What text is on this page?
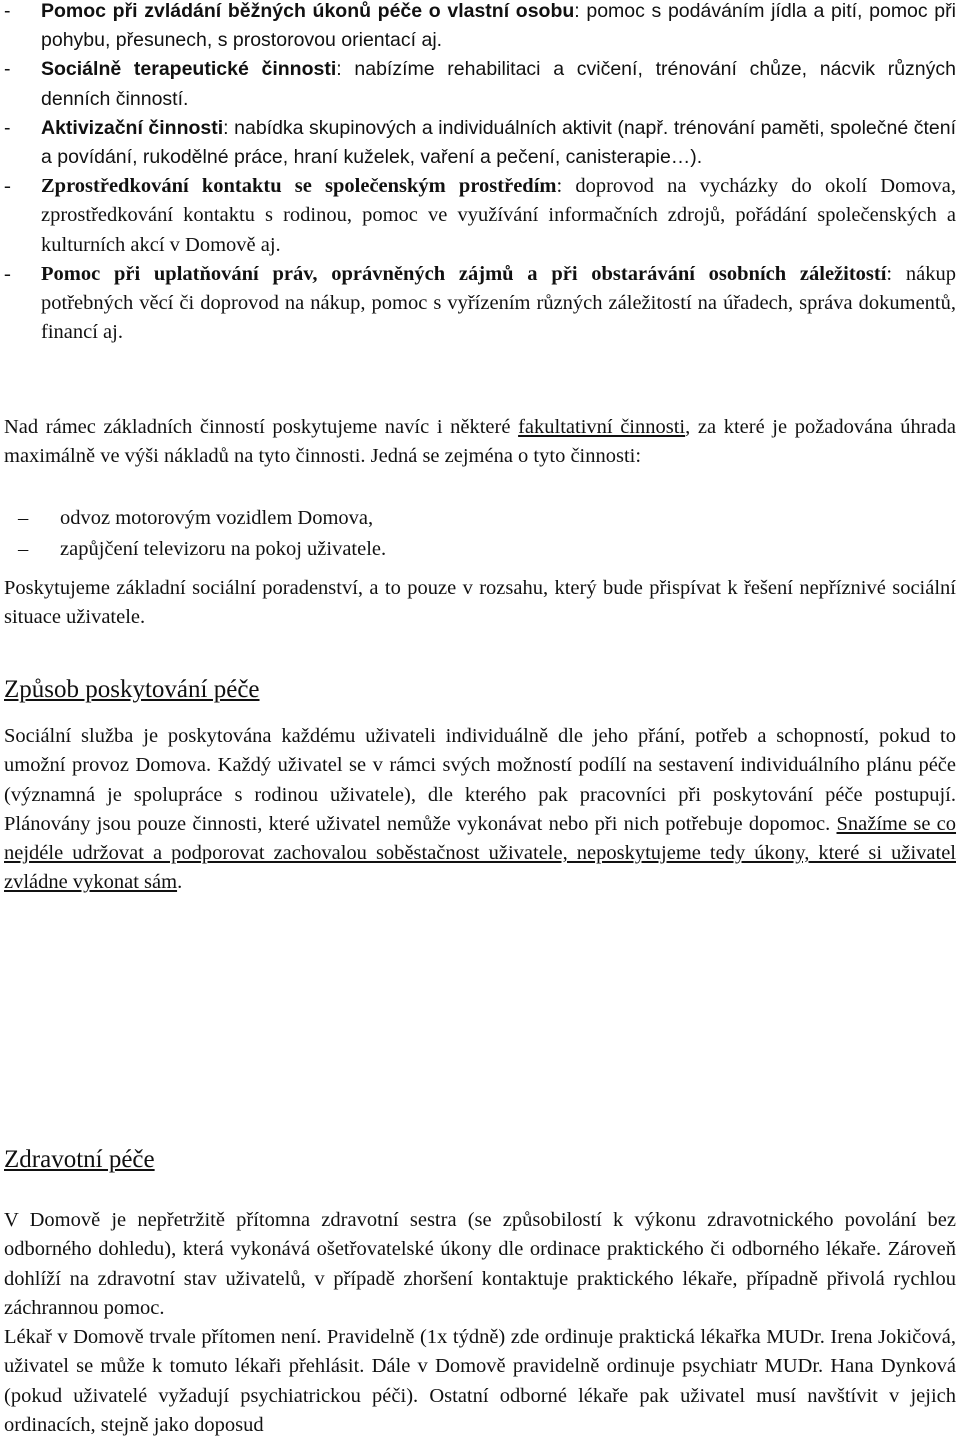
- Pomoc při zvládání běžných úkonů péče o vlastní osobu: pomoc s podáváním jídla a pití, pomoc při pohybu, přesunech, s prostorovou orientací aj.
- Sociálně terapeutické činnosti: nabízíme rehabilitaci a cvičení, trénování chůze, nácvik různých denních činností.
- Aktivizační činnosti: nabídka skupinových a individuálních aktivit (např. trénování paměti, společné čtení a povídání, rukodělné práce, hraní kuželek, vaření a pečení, canisterapie…).
- Zprostředkování kontaktu se společenským prostředím: doprovod na vycházky do okolí Domova, zprostředkování kontaktu s rodinou, pomoc ve využívání informačních zdrojů, pořádání společenských a kulturních akcí v Domově aj.
- Pomoc při uplatňování práv, oprávněných zájmů a při obstarávání osobních záležitostí: nákup potřebných věcí či doprovod na nákup, pomoc s vyřízením různých záležitostí na úřadech, správa dokumentů, financí aj.

Nad rámec základních činností poskytujeme navíc i některé fakultativní činnosti, za které je požadována úhrada maximálně ve výši nákladů na tyto činnosti. Jedná se zejména o tyto činnosti:

– odvoz motorovým vozidlem Domova,
– zapůjčení televizoru na pokoj uživatele.

Poskytujeme základní sociální poradenství, a to pouze v rozsahu, který bude přispívat k řešení nepříznivé sociální situace uživatele.

Způsob poskytování péče

Sociální služba je poskytována každému uživateli individuálně dle jeho přání, potřeb a schopností, pokud to umožní provoz Domova. Každý uživatel se v rámci svých možností podílí na sestavení individuálního plánu péče (významná je spolupráce s rodinou uživatele), dle kterého pak pracovníci při poskytování péče postupují. Plánovány jsou pouze činnosti, které uživatel nemůže vykonávat nebo při nich potřebuje dopomoc. Snažíme se co nejdéle udržovat a podporovat zachovalou soběstačnost uživatele, neposkytujeme tedy úkony, které si uživatel zvládne vykonat sám.

Zdravotní péče

V Domově je nepřetržitě přítomna zdravotní sestra (se způsobilostí k výkonu zdravotnického povolání bez odborného dohledu), která vykonává ošetřovatelské úkony dle ordinace praktického či odborného lékaře. Zároveň dohlíží na zdravotní stav uživatelů, v případě zhoršení kontaktuje praktického lékaře, případně přivolá rychlou záchrannou pomoc.

Lékař v Domově trvale přítomen není. Pravidelně (1x týdně) zde ordinuje praktická lékařka MUDr. Irena Jokičová, uživatel se může k tomuto lékaři přehlásit. Dále v Domově pravidelně ordinuje psychiatr MUDr. Hana Dynková (pokud uživatelé vyžadují psychiatrickou péči). Ostatní odborné lékaře pak uživatel musí navštívit v jejich ordinacích, stejně jako doposud
